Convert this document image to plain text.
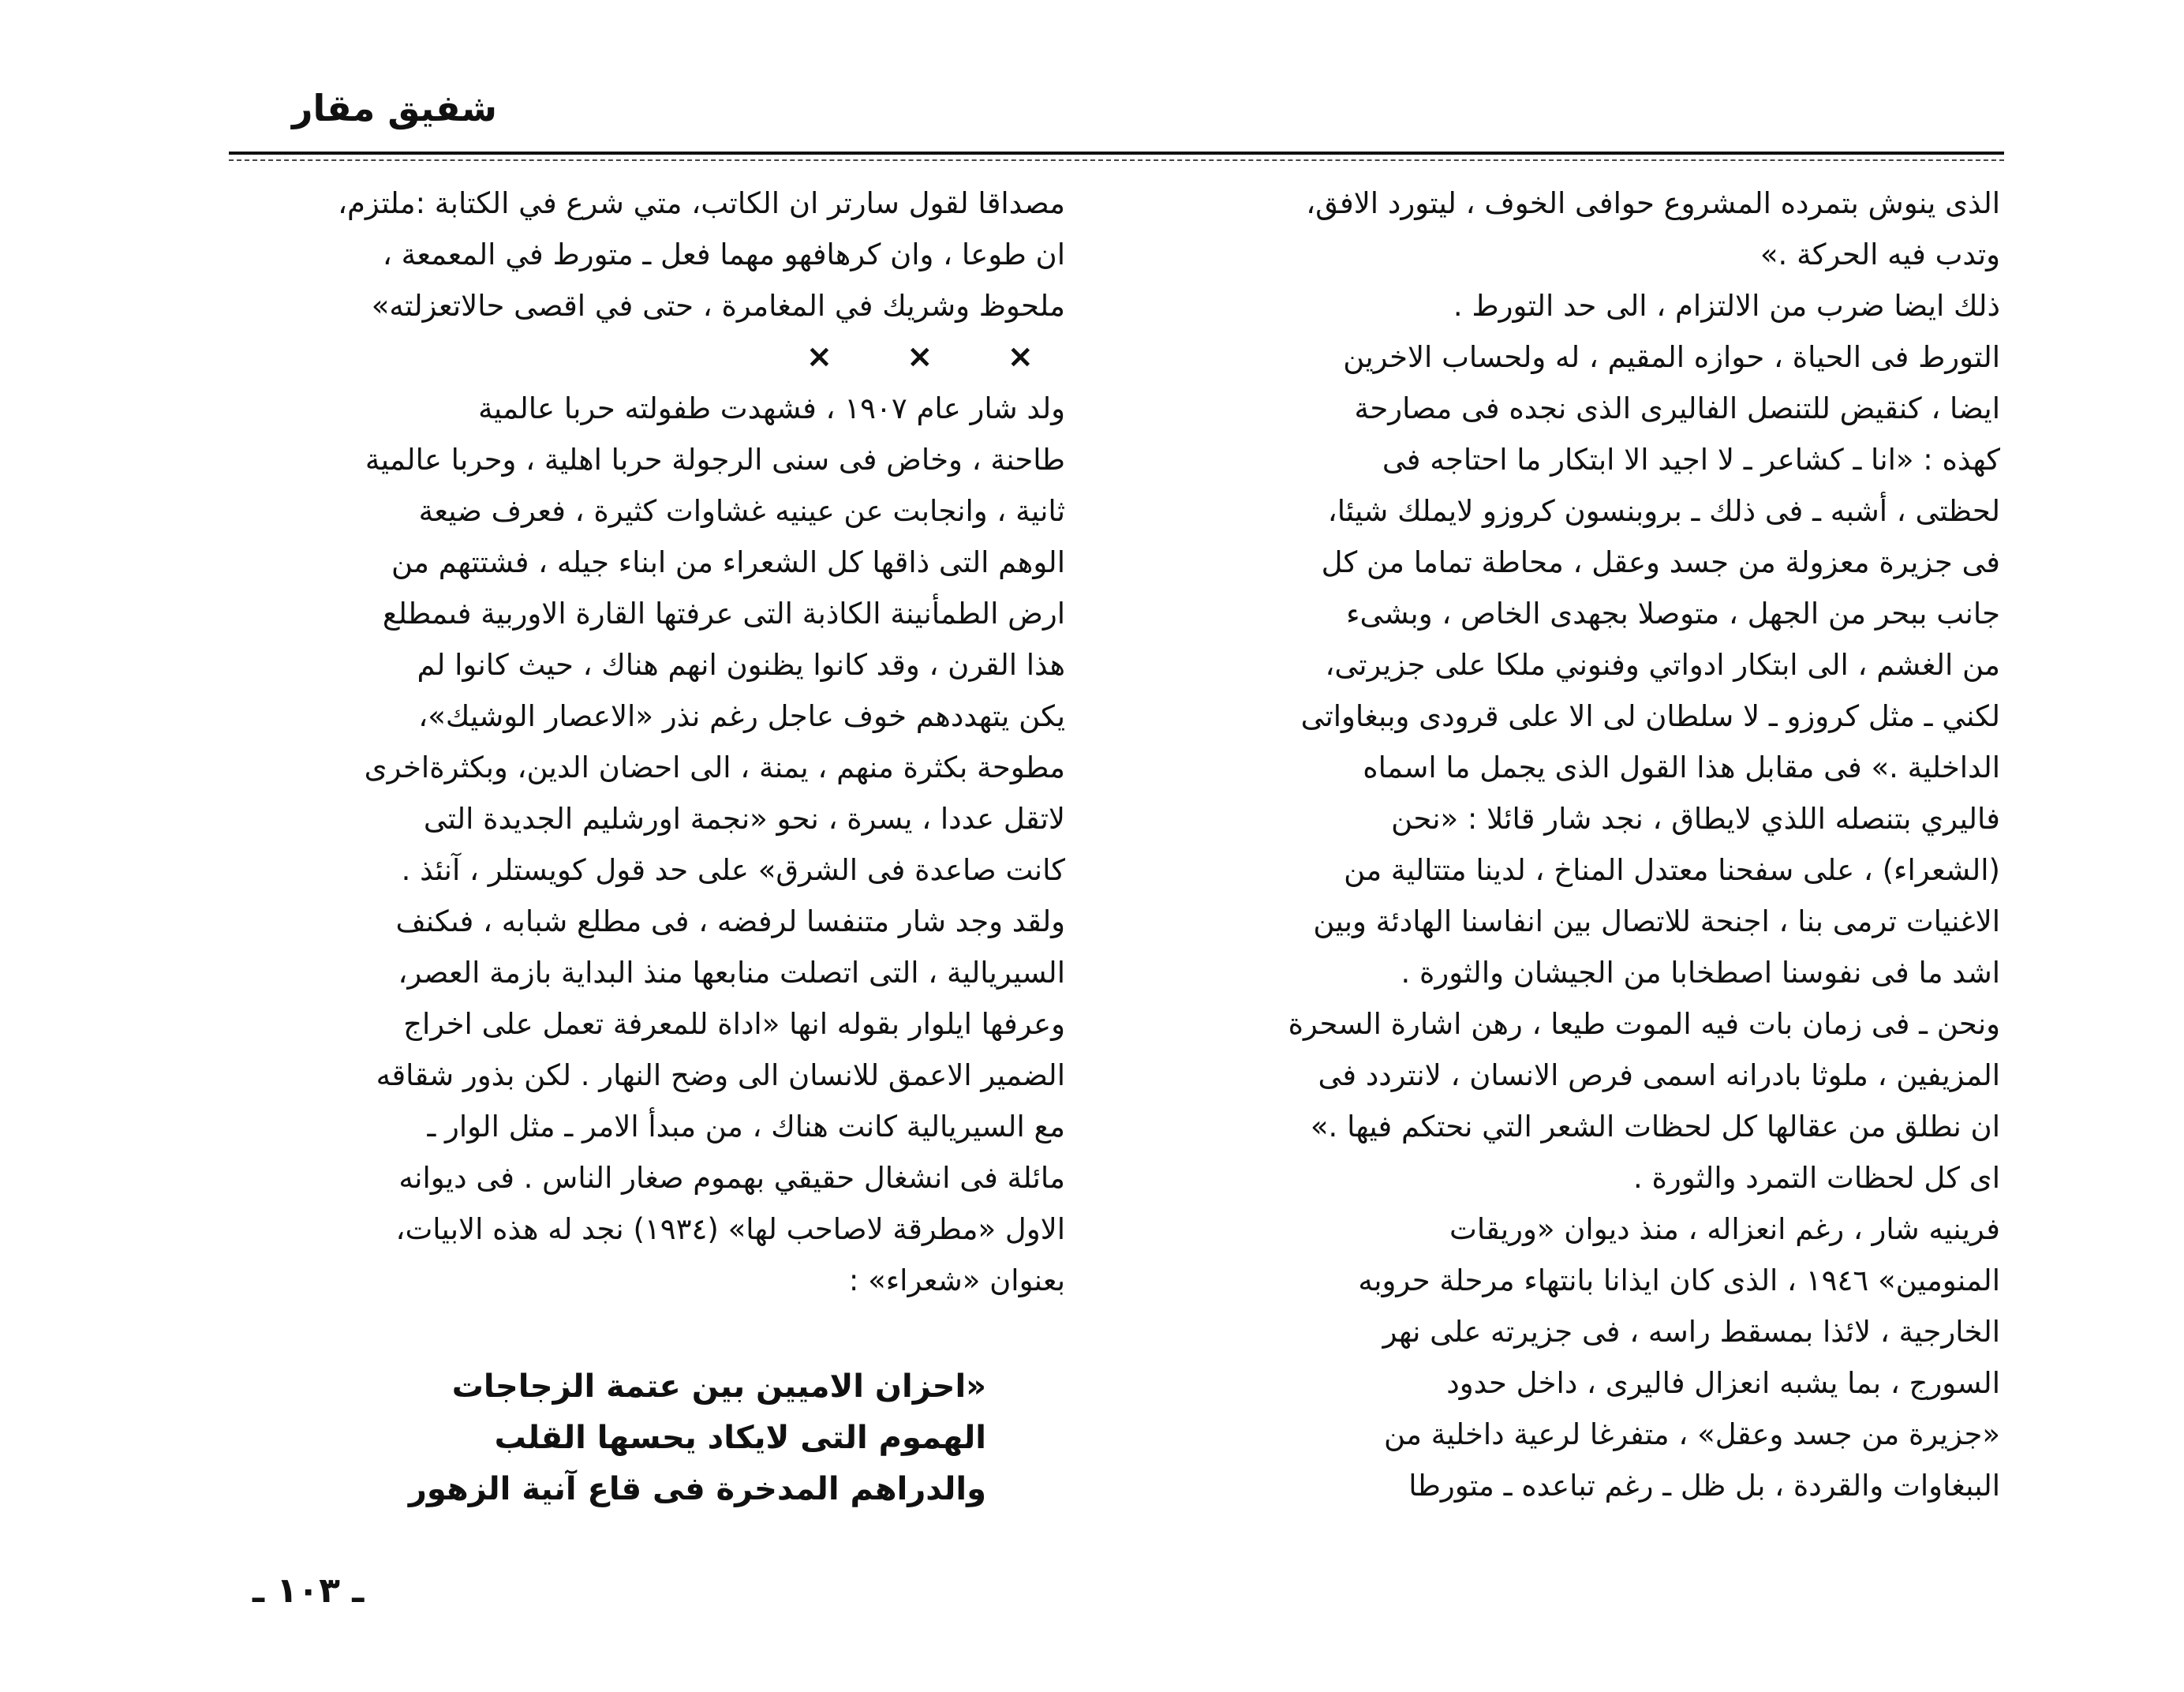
شفيق مقار
الذى ينوش بتمرده المشروع حوافى الخوف ، ليتورد الافق،
وتدب فيه الحركة .»
ذلك ايضا ضرب من الالتزام ، الى حد التورط .
التورط فى الحياة ، حوازه المقيم ، له ولحساب الاخرين
ايضا ، كنقيض للتنصل الفاليرى الذى نجده فى مصارحة
كهذه : «انا ـ كشاعر ـ لا اجيد الا ابتكار ما احتاجه فى
لحظتى ، أشبه ـ فى ذلك ـ بروبنسون كروزو لايملك شيئا،
فى جزيرة معزولة من جسد وعقل ، محاطة تماما من كل
جانب ببحر من الجهل ، متوصلا بجهدى الخاص ، وبشىء
من الغشم ، الى ابتكار ادواتي وفنوني ملكا على جزيرتى،
لكني ـ مثل كروزو ـ لا سلطان لى الا على قرودى وببغاواتى
الداخلية .» فى مقابل هذا القول الذى يجمل ما اسماه
فاليري بتنصله اللذي لايطاق ، نجد شار قائلا : «نحن
(الشعراء) ، على سفحنا معتدل المناخ ، لدينا متتالية من
الاغنيات ترمى بنا ، اجنحة للاتصال بين انفاسنا الهادئة وبين
اشد ما فى نفوسنا اصطخابا من الجيشان والثورة .
ونحن ـ فى زمان بات فيه الموت طيعا ، رهن اشارة السحرة
المزيفين ، ملوثا بادرانه اسمى فرص الانسان ، لانتردد فى
ان نطلق من عقالها كل لحظات الشعر التي نحتكم فيها .»
اى كل لحظات التمرد والثورة .
فرينيه شار ، رغم انعزاله ، منذ ديوان «وريقات
المنومين» ١٩٤٦ ، الذى كان ايذانا بانتهاء مرحلة حروبه
الخارجية ، لائذا بمسقط راسه ، فى جزيرته على نهر
السورج ، بما يشبه انعزال فاليرى ، داخل حدود
«جزيرة من جسد وعقل» ، متفرغا لرعية داخلية من
الببغاوات والقردة ، بل ظل ـ رغم تباعده ـ متورطا
مصداقا لقول سارتر ان الكاتب، متي شرع في الكتابة :ملتزم،
ان طوعا ، وان كرهافهو مهما فعل ـ متورط في المعمعة ،
ملحوظ وشريك في المغامرة ، حتى في اقصى حالاتعزلته»
× × ×
ولد شار عام ١٩٠٧ ، فشهدت طفولته حربا عالمية
طاحنة ، وخاض فى سنى الرجولة حربا اهلية ، وحربا عالمية
ثانية ، وانجابت عن عينيه غشاوات كثيرة ، فعرف ضيعة
الوهم التى ذاقها كل الشعراء من ابناء جيله ، فشتتهم من
ارض الطمأنينة الكاذبة التى عرفتها القارة الاوربية فىمطلع
هذا القرن ، وقد كانوا يظنون انهم هناك ، حيث كانوا لم
يكن يتهددهم خوف عاجل رغم نذر «الاعصار الوشيك»،
مطوحة بكثرة منهم ، يمنة ، الى احضان الدين، وبكثرةاخرى
لاتقل عددا ، يسرة ، نحو «نجمة اورشليم الجديدة التى
كانت صاعدة فى الشرق» على حد قول كويستلر ، آنئذ .
ولقد وجد شار متنفسا لرفضه ، فى مطلع شبابه ، فىكنف
السيريالية ، التى اتصلت منابعها منذ البداية بازمة العصر،
وعرفها ايلوار بقوله انها «اداة للمعرفة تعمل على اخراج
الضمير الاعمق للانسان الى وضح النهار . لكن بذور شقاقه
مع السيريالية كانت هناك ، من مبدأ الامر ـ مثل الوار ـ
مائلة فى انشغال حقيقي بهموم صغار الناس . فى ديوانه
الاول «مطرقة لاصاحب لها» (١٩٣٤) نجد له هذه الابيات،
بعنوان «شعراء» :
«احزان الاميين بين عتمة الزجاجات
الهموم التى لايكاد يحسها القلب
والدراهم المدخرة فى قاع آنية الزهور
ـ ١٠٣ ـ
